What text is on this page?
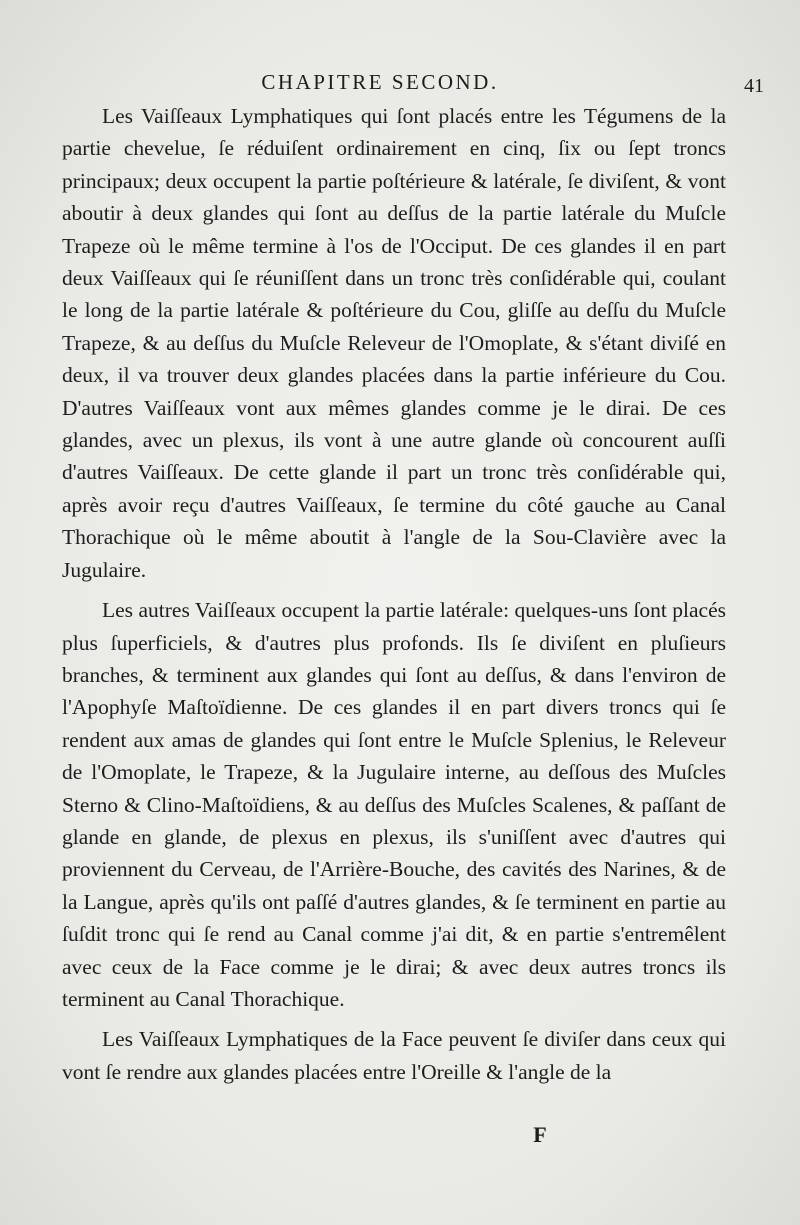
CHAPITRE SECOND.	41

Les Vaiſſeaux Lymphatiques qui ſont placés entre les Tégumens de la partie chevelue, ſe réduiſent ordinairement en cinq, ſix ou ſept troncs principaux; deux occupent la partie poſtérieure & latérale, ſe diviſent, & vont aboutir à deux glandes qui ſont au deſſus de la partie latérale du Muſcle Trapeze où le même termine à l'os de l'Occiput. De ces glandes il en part deux Vaiſſeaux qui ſe réuniſſent dans un tronc très conſidérable qui, coulant le long de la partie latérale & poſtérieure du Cou, gliſſe au deſſu du Muſcle Trapeze, & au deſſus du Muſcle Releveur de l'Omoplate, & s'étant diviſé en deux, il va trouver deux glandes placées dans la partie inférieure du Cou. D'autres Vaiſſeaux vont aux mêmes glandes comme je le dirai. De ces glandes, avec un plexus, ils vont à une autre glande où concourent auſſi d'autres Vaiſſeaux. De cette glande il part un tronc très conſidérable qui, après avoir reçu d'autres Vaiſſeaux, ſe termine du côté gauche au Canal Thorachique où le même aboutit à l'angle de la Sou-Clavière avec la Jugulaire.

Les autres Vaiſſeaux occupent la partie latérale: quelques-uns ſont placés plus ſuperficiels, & d'autres plus profonds. Ils ſe diviſent en pluſieurs branches, & terminent aux glandes qui ſont au deſſus, & dans l'environ de l'Apophyſe Maſtoïdienne. De ces glandes il en part divers troncs qui ſe rendent aux amas de glandes qui ſont entre le Muſcle Splenius, le Releveur de l'Omoplate, le Trapeze, & la Jugulaire interne, au deſſous des Muſcles Sterno & Clino-Maſtoïdiens, & au deſſus des Muſcles Scalenes, & paſſant de glande en glande, de plexus en plexus, ils s'uniſſent avec d'autres qui proviennent du Cerveau, de l'Arrière-Bouche, des cavités des Narines, & de la Langue, après qu'ils ont paſſé d'autres glandes, & ſe terminent en partie au ſuſdit tronc qui ſe rend au Canal comme j'ai dit, & en partie s'entremêlent avec ceux de la Face comme je le dirai; & avec deux autres troncs ils terminent au Canal Thorachique.

Les Vaiſſeaux Lymphatiques de la Face peuvent ſe diviſer dans ceux qui vont ſe rendre aux glandes placées entre l'Oreille & l'angle de la

F
